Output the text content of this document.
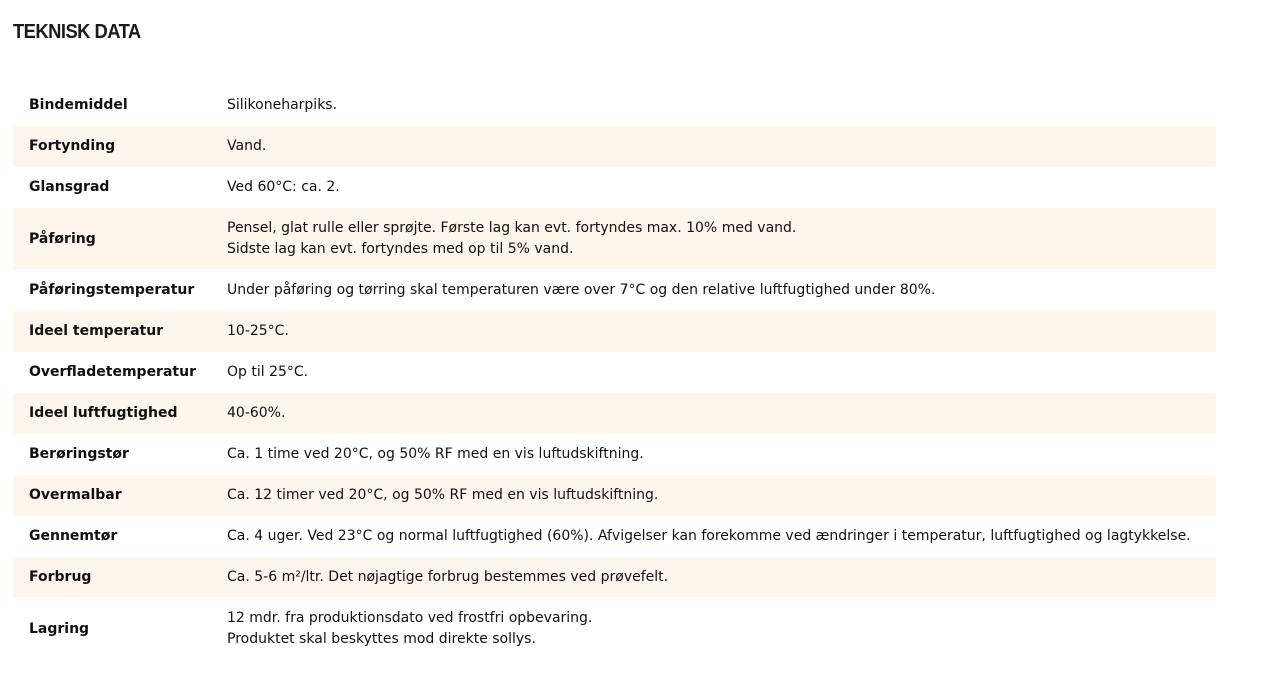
TEKNISK DATA
Bindemiddel	Silikoneharpiks.

Fortynding	Vand.

Glansgrad	Ved 60°C: ca. 2.

Påføring	Pensel, glat rulle eller sprøjte. Første lag kan evt. fortyndes max. 10% med vand.
Sidste lag kan evt. fortyndes med op til 5% vand.

Påføringstemperatur	Under påføring og tørring skal temperaturen være over 7°C og den relative luftfugtighed under 80%.

Ideel temperatur	10-25°C.

Overfladetemperatur	Op til 25°C.

Ideel luftfugtighed	40-60%.

Berøringstør	Ca. 1 time ved 20°C, og 50% RF med en vis luftudskiftning.

Overmalbar	Ca. 12 timer ved 20°C, og 50% RF med en vis luftudskiftning.

Gennemtør	Ca. 4 uger. Ved 23°C og normal luftfugtighed (60%). Afvigelser kan forekomme ved ændringer i temperatur, luftfugtighed og lagtykkelse.

Forbrug	Ca. 5-6 m²/ltr. Det nøjagtige forbrug bestemmes ved prøvefelt.

Lagring	12 mdr. fra produktionsdato ved frostfri opbevaring.
Produktet skal beskyttes mod direkte sollys.
